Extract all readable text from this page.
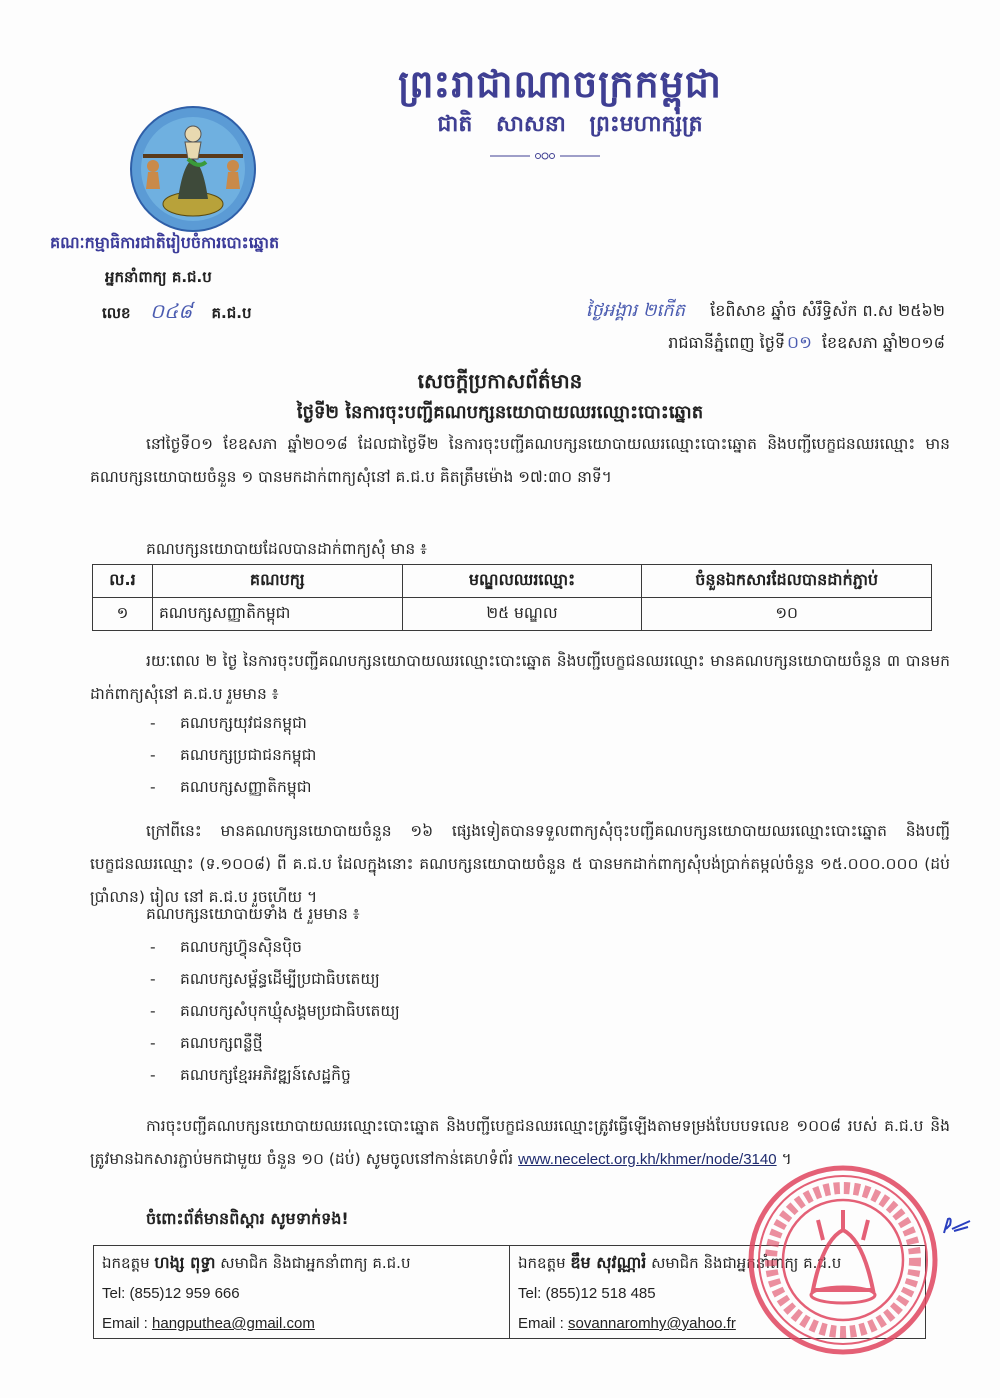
ព្រះរាជាណាចក្រកម្ពុជា
ជាតិ សាសនា ព្រះមហាក្សត្រ
គណៈកម្មាធិការជាតិរៀបចំការបោះឆ្នោត
អ្នកនាំពាក្យ គ.ជ.ប
លេខ ០៤៨ គ.ជ.ប	ថ្ងៃអង្គារ ២កើត ខែពិសាខ ឆ្នាំច សំរឹទ្ធិស័ក ព.ស ២៥៦២
រាជធានីភ្នំពេញ ថ្ងៃទី ០១ ខែឧសភា ឆ្នាំ២០១៨
សេចក្ដីប្រកាសព័ត៌មាន
ថ្ងៃទី២ នៃការចុះបញ្ជីគណបក្សនយោបាយឈរឈ្មោះបោះឆ្នោត
នៅថ្ងៃទី០១ ខែឧសភា ឆ្នាំ២០១៨ ដែលជាថ្ងៃទី២ នៃការចុះបញ្ជីគណបក្សនយោបាយឈរឈ្មោះបោះឆ្នោត និងបញ្ជីបេក្ខជនឈរឈ្មោះ មានគណបក្សនយោបាយចំនួន ១ បានមកដាក់ពាក្យសុំនៅ គ.ជ.ប គិតត្រឹមម៉ោង ១៧:៣០ នាទី។
គណបក្សនយោបាយដែលបានដាក់ពាក្យសុំ មាន ៖
ល.រ	គណបក្ស	មណ្ឌលឈរឈ្មោះ	ចំនួនឯកសារដែលបានដាក់ភ្ជាប់
១	គណបក្សសញ្ញាតិកម្ពុជា	២៥ មណ្ឌល	១០
រយៈពេល ២ ថ្ងៃ នៃការចុះបញ្ជីគណបក្សនយោបាយឈរឈ្មោះបោះឆ្នោត និងបញ្ជីបេក្ខជនឈរឈ្មោះ មានគណបក្សនយោបាយចំនួន ៣ បានមកដាក់ពាក្យសុំនៅ គ.ជ.ប រួមមាន ៖
- គណបក្សយុវជនកម្ពុជា
- គណបក្សប្រជាជនកម្ពុជា
- គណបក្សសញ្ញាតិកម្ពុជា
ក្រៅពីនេះ មានគណបក្សនយោបាយចំនួន ១៦ ផ្សេងទៀតបានទទួលពាក្យសុំចុះបញ្ជីគណបក្សនយោបាយឈរឈ្មោះបោះឆ្នោត និងបញ្ជីបេក្ខជនឈរឈ្មោះ (ទ.១០០៨) ពី គ.ជ.ប ដែលក្នុងនោះ គណបក្សនយោបាយចំនួន ៥ បានមកដាក់ពាក្យសុំបង់ប្រាក់តម្កល់ចំនួន ១៥.០០០.០០០ (ដប់ប្រាំលាន) រៀល នៅ គ.ជ.ប រួចហើយ ។
គណបក្សនយោបាយទាំង ៥ រួមមាន ៖
- គណបក្សហ៊្វុនស៊ិនប៉ិច
- គណបក្សសម្ព័ន្ធដើម្បីប្រជាធិបតេយ្យ
- គណបក្សសំបុកឃ្មុំសង្គមប្រជាធិបតេយ្យ
- គណបក្សពន្លឺថ្មី
- គណបក្សខ្មែរអភិវឌ្ឍន៍សេដ្ឋកិច្ច
ការចុះបញ្ជីគណបក្សនយោបាយឈរឈ្មោះបោះឆ្នោត និងបញ្ជីបេក្ខជនឈរឈ្មោះត្រូវធ្វើឡើងតាមទម្រង់បែបបទលេខ ១០០៨ របស់ គ.ជ.ប និងត្រូវមានឯកសារភ្ជាប់មកជាមួយ ចំនួន ១០ (ដប់) សូមចូលនៅកាន់គេហទំព័រ www.necelect.org.kh/khmer/node/3140 ។
ចំពោះព័ត៌មានពិស្ដារ សូមទាក់ទង!
ឯកឧត្ដម ហង្ស ពុទ្ធា សមាជិក និងជាអ្នកនាំពាក្យ គ.ជ.ប
Tel: (855)12 959 666
Email : hangputhea@gmail.com
ឯកឧត្ដម ឌឹម សុវណ្ណារំ សមាជិក និងជាអ្នកនាំពាក្យ គ.ជ.ប
Tel: (855)12 518 485
Email : sovannaromhy@yahoo.fr
